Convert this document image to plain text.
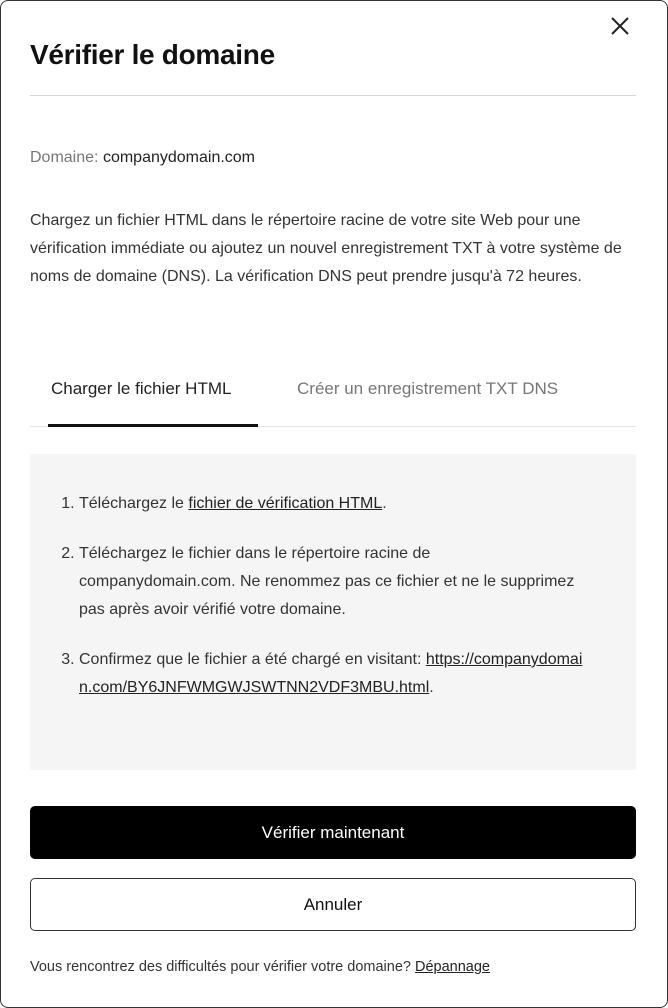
Vérifier le domaine
Domaine: companydomain.com
Chargez un fichier HTML dans le répertoire racine de votre site Web pour une vérification immédiate ou ajoutez un nouvel enregistrement TXT à votre système de noms de domaine (DNS). La vérification DNS peut prendre jusqu'à 72 heures.
Charger le fichier HTML	Créer un enregistrement TXT DNS
1. Téléchargez le fichier de vérification HTML.
2. Téléchargez le fichier dans le répertoire racine de companydomain.com. Ne renommez pas ce fichier et ne le supprimez pas après avoir vérifié votre domaine.
3. Confirmez que le fichier a été chargé en visitant: https://companydomain.com/BY6JNFWMGWJSWTNN2VDF3MBU.html.
Vérifier maintenant
Annuler
Vous rencontrez des difficultés pour vérifier votre domaine? Dépannage
